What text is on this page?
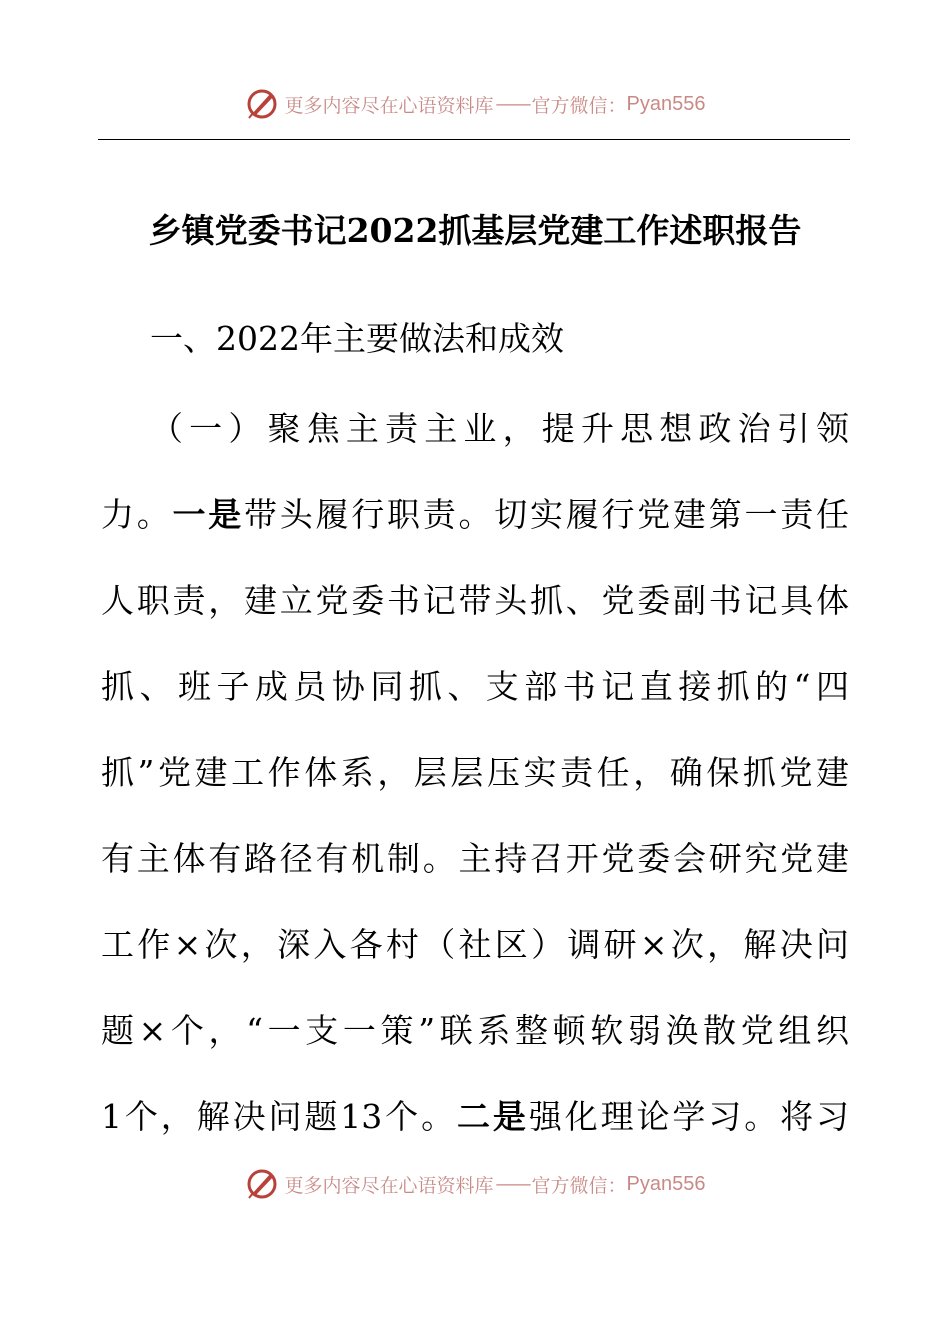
更多内容尽在心语资料库 —— 官方微信： Pyan556
乡镇党委书记2022抓基层党建工作述职报告
一、2022年主要做法和成效
（一）聚焦主责主业，提升思想政治引领
力。一是带头履行职责。切实履行党建第一责任
人职责，建立党委书记带头抓、党委副书记具体
抓、班子成员协同抓、支部书记直接抓的“四
抓”党建工作体系，层层压实责任，确保抓党建
有主体有路径有机制。主持召开党委会研究党建
工作×次，深入各村（社区）调研×次，解决问
题×个，“一支一策”联系整顿软弱涣散党组织
1个，解决问题13个。二是强化理论学习。将习
更多内容尽在心语资料库 —— 官方微信： Pyan556
